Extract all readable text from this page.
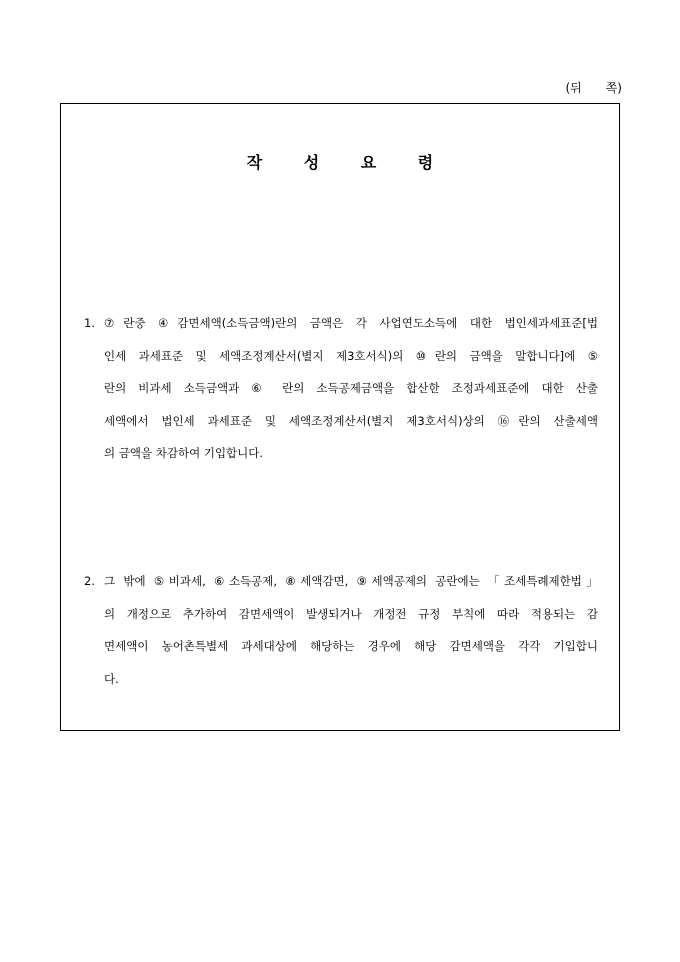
(뒤 쪽)
작 성 요 령
1. ⑦란중 ④감면세액(소득금액)란의 금액은 각 사업연도소득에 대한 법인세과세표준[법
인세 과세표준 및 세액조정계산서(별지 제3호서식)의 ⑩란의 금액을 말합니다]에 ⑤
란의 비과세 소득금액과 ⑥ 란의 소득공제금액을 합산한 조정과세표준에 대한 산출
세액에서 법인세 과세표준 및 세액조정계산서(별지 제3호서식)상의 ⑯란의 산출세액
의 금액을 차감하여 기입합니다.
2. 그 밖에 ⑤비과세, ⑥소득공제, ⑧세액감면, ⑨세액공제의 공란에는 「조세특례제한법」
의 개정으로 추가하여 감면세액이 발생되거나 개정전 규정 부칙에 따라 적용되는 감
면세액이 농어촌특별세 과세대상에 해당하는 경우에 해당 감면세액을 각각 기입합니
다.
